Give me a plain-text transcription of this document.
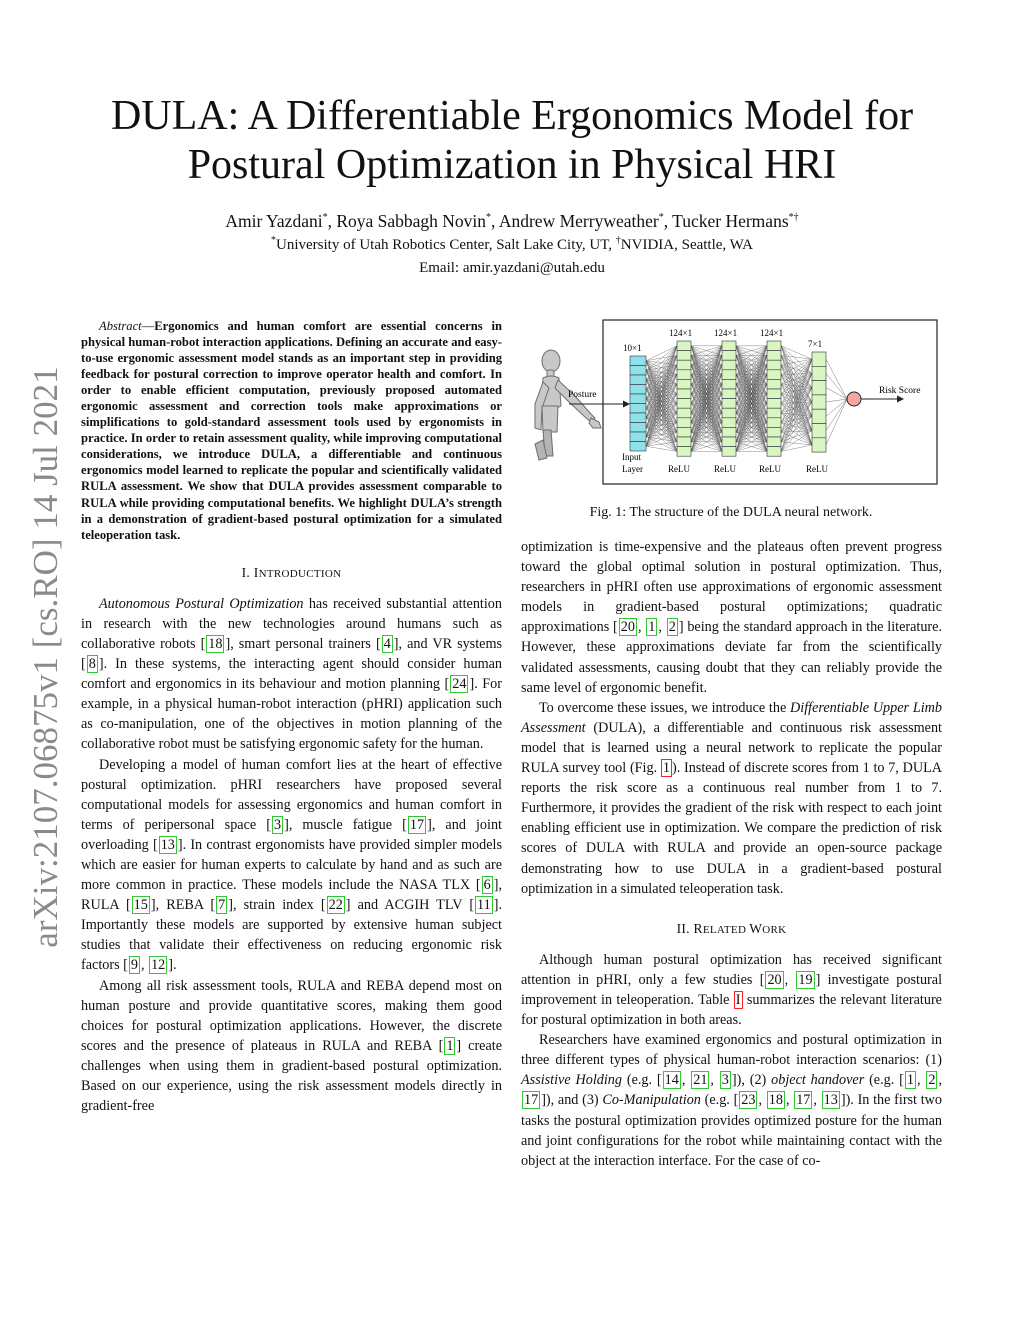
arXiv:2107.06875v1 [cs.RO] 14 Jul 2021
DULA: A Differentiable Ergonomics Model for
Postural Optimization in Physical HRI
Amir Yazdani*, Roya Sabbagh Novin*, Andrew Merryweather*, Tucker Hermans*†
*University of Utah Robotics Center, Salt Lake City, UT, †NVIDIA, Seattle, WA
Email: amir.yazdani@utah.edu

Abstract—Ergonomics and human comfort are essential concerns in physical human-robot interaction applications. Defining an accurate and easy-to-use ergonomic assessment model stands as an important step in providing feedback for postural correction to improve operator health and comfort. In order to enable efficient computation, previously proposed automated ergonomic assessment and correction tools make approximations or simplifications to gold-standard assessment tools used by ergonomists in practice. In order to retain assessment quality, while improving computational considerations, we introduce DULA, a differentiable and continuous ergonomics model learned to replicate the popular and scientifically validated RULA assessment. We show that DULA provides assessment comparable to RULA while providing computational benefits. We highlight DULA’s strength in a demonstration of gradient-based postural optimization for a simulated teleoperation task.

I. INTRODUCTION

Autonomous Postural Optimization has received substantial attention in research with the new technologies around humans such as collaborative robots [ 18 ], smart personal trainers [ 4 ], and VR systems [ 8 ]. In these systems, the interacting agent should consider human comfort and ergonomics in its behaviour and motion planning [ 24 ]. For example, in a physical human-robot interaction (pHRI) application such as co-manipulation, one of the objectives in motion planning of the collaborative robot must be satisfying ergonomic safety for the human.

Developing a model of human comfort lies at the heart of effective postural optimization. pHRI researchers have proposed several computational models for assessing ergonomics and human comfort in terms of peripersonal space [ 3 ], muscle fatigue [ 17 ], and joint overloading [ 13 ]. In contrast ergonomists have provided simpler models which are easier for human experts to calculate by hand and as such are more common in practice. These models include the NASA TLX [ 6 ], RULA [ 15 ], REBA [ 7 ], strain index [ 22 ] and ACGIH TLV [ 11 ]. Importantly these models are supported by extensive human subject studies that validate their effectiveness on reducing ergonomic risk factors [ 9 , 12 ].

Among all risk assessment tools, RULA and REBA depend most on human posture and provide quantitative scores, making them good choices for postural optimization applications. However, the discrete scores and the presence of plateaus in RULA and REBA [ 1 ] create challenges when using them in gradient-based postural optimization. Based on our experience, using the risk assessment models directly in gradient-free

Posture	Risk Score
10×1
Input
Layer
124×1 124×1	124×1
7×1
ReLU	ReLU	ReLU	ReLU
Fig. 1: The structure of the DULA neural network.

optimization is time-expensive and the plateaus often prevent progress toward the global optimal solution in postural optimization. Thus, researchers in pHRI often use approximations of ergonomic assessment models in gradient-based postural optimizations; quadratic approximations [ 20 , 1 , 2 ] being the standard approach in the literature. However, these approximations deviate far from the scientifically validated assessments, causing doubt that they can reliably provide the same level of ergonomic benefit.

To overcome these issues, we introduce the Differentiable Upper Limb Assessment (DULA), a differentiable and continuous risk assessment model that is learned using a neural network to replicate the popular RULA survey tool (Fig. 1 ). Instead of discrete scores from 1 to 7, DULA reports the risk score as a continuous real number from 1 to 7. Furthermore, it provides the gradient of the risk with respect to each joint enabling efficient use in optimization. We compare the prediction of risk scores of DULA with RULA and provide an open-source package demonstrating how to use DULA in a gradient-based postural optimization in a simulated teleoperation task.

II. RELATED WORK

Although human postural optimization has received significant attention in pHRI, only a few studies [ 20 , 19 ] investigate postural improvement in teleoperation. Table I summarizes the relevant literature for postural optimization in both areas.

Researchers have examined ergonomics and postural optimization in three different types of physical human-robot interaction scenarios: (1) Assistive Holding (e.g. [ 14 , 21 , 3 ]), (2) object handover (e.g. [ 1 , 2 , 17 ]), and (3) Co-Manipulation (e.g. [ 23 , 18 , 17 , 13 ]). In the first two tasks the postural optimization provides optimized posture for the human and joint configurations for the robot while maintaining contact with the object at the interaction interface. For the case of co-
